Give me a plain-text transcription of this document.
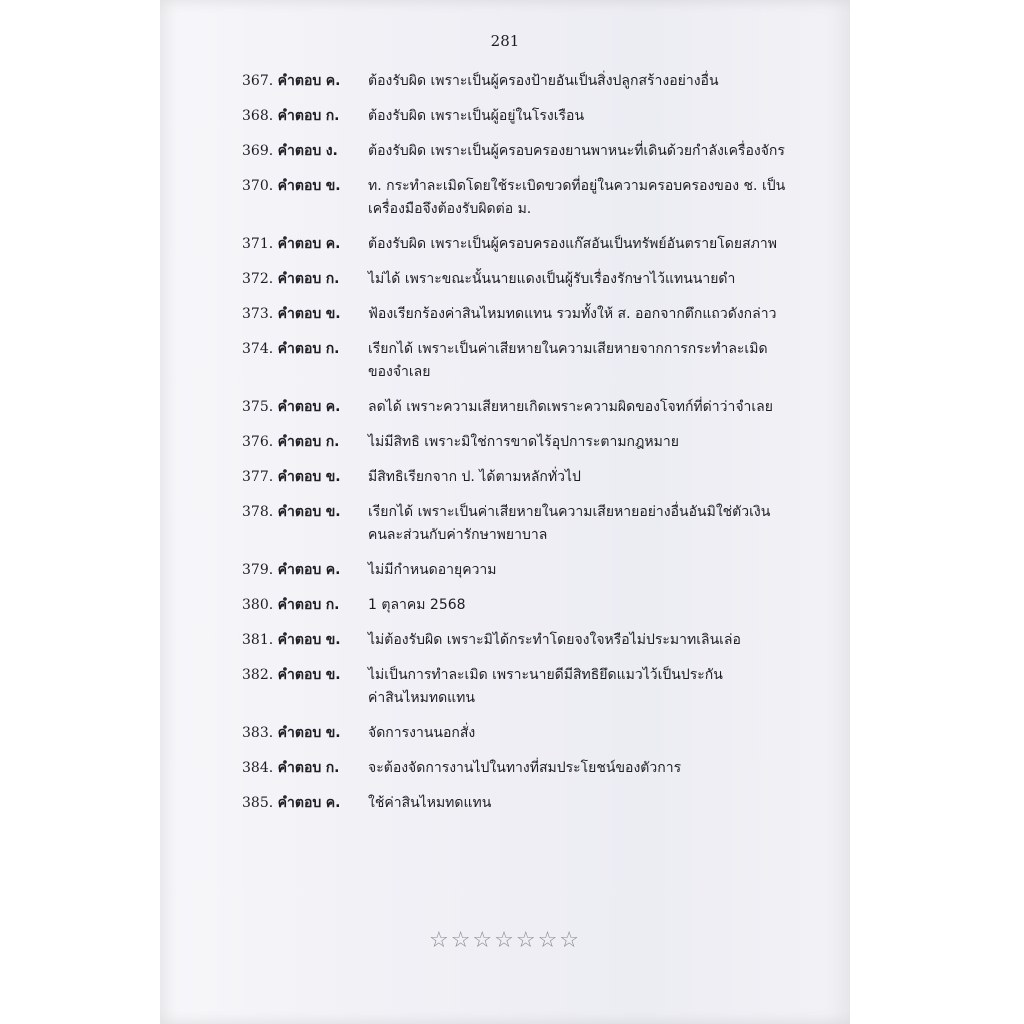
281
367. คำตอบ ค.	ต้องรับผิด เพราะเป็นผู้ครองป้ายอันเป็นสิ่งปลูกสร้างอย่างอื่น
368. คำตอบ ก.	ต้องรับผิด เพราะเป็นผู้อยู่ในโรงเรือน
369. คำตอบ ง.	ต้องรับผิด เพราะเป็นผู้ครอบครองยานพาหนะที่เดินด้วยกำลังเครื่องจักร
370. คำตอบ ข.	ท. กระทำละเมิดโดยใช้ระเบิดขวดที่อยู่ในความครอบครองของ ช. เป็น
เครื่องมือจึงต้องรับผิดต่อ ม.
371. คำตอบ ค.	ต้องรับผิด เพราะเป็นผู้ครอบครองแก๊สอันเป็นทรัพย์อันตรายโดยสภาพ
372. คำตอบ ก.	ไม่ได้ เพราะขณะนั้นนายแดงเป็นผู้รับเรื่องรักษาไว้แทนนายดำ
373. คำตอบ ข.	ฟ้องเรียกร้องค่าสินไหมทดแทน รวมทั้งให้ ส. ออกจากตึกแถวดังกล่าว
374. คำตอบ ก.	เรียกได้ เพราะเป็นค่าเสียหายในความเสียหายจากการกระทำละเมิด
ของจำเลย
375. คำตอบ ค.	ลดได้ เพราะความเสียหายเกิดเพราะความผิดของโจทก์ที่ด่าว่าจำเลย
376. คำตอบ ก.	ไม่มีสิทธิ เพราะมิใช่การขาดไร้อุปการะตามกฎหมาย
377. คำตอบ ข.	มีสิทธิเรียกจาก ป. ได้ตามหลักทั่วไป
378. คำตอบ ข.	เรียกได้ เพราะเป็นค่าเสียหายในความเสียหายอย่างอื่นอันมิใช่ตัวเงิน
คนละส่วนกับค่ารักษาพยาบาล
379. คำตอบ ค.	ไม่มีกำหนดอายุความ
380. คำตอบ ก.	1 ตุลาคม 2568
381. คำตอบ ข.	ไม่ต้องรับผิด เพราะมิได้กระทำโดยจงใจหรือไม่ประมาทเลินเล่อ
382. คำตอบ ข.	ไม่เป็นการทำละเมิด เพราะนายดีมีสิทธิยึดแมวไว้เป็นประกัน
ค่าสินไหมทดแทน
383. คำตอบ ข.	จัดการงานนอกสั่ง
384. คำตอบ ก.	จะต้องจัดการงานไปในทางที่สมประโยชน์ของตัวการ
385. คำตอบ ค.	ใช้ค่าสินไหมทดแทน
☆☆☆☆☆☆☆
